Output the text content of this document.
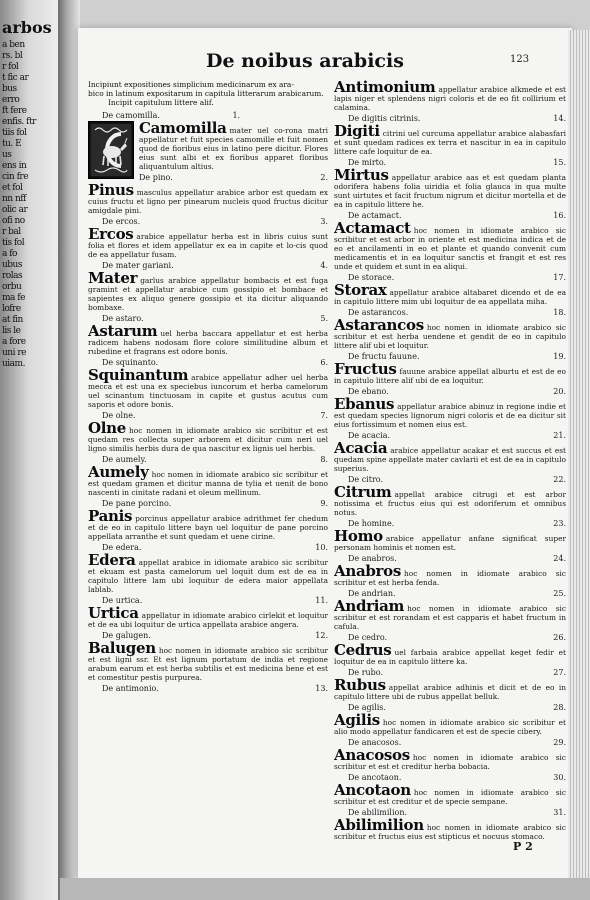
arbos
a ben
rs. bl
r fol
t fic ar
bus
erro
ft fere
enfis. ftr
tiis fol
tu. E
us
ens in
cin fre
et fol
nn nff
olic ar
ofi no
r bal
tis fol
a fo
ubus
rolas
orbu
ma fe
lofre
at fin
lis le
a fore
uni re
uiam.
De noibus arabicis	123
Incipiunt expositiones simplicium medicinarum ex ara-
bico in latinum expositarum in capitula litterarum arabicarum.
Incipit capitulum littere alif.
De camomilla.	1.

Camomilla mater uel co-rona matri appellatur et fuit species camomille et fuit nomen quod de fioribus eius in latino pere dicitur. Flores eius sunt albi et ex fioribus apparet floribus aliquantulum altius.

De pino.	2.

Pinus masculus appellatur arabice arbor est quedam ex cuius fructu et ligno per pinearum nucleis quod fructus dicitur amigdale pini.

De ercos.	3.

Ercos arabice appellatur herba est in libris cuius sunt folia et flores et idem appellatur ex ea in capite et lo-cis quod de ea appellatur fusam.

De mater gariani.	4.

Mater garlus arabice appellatur bombacis et est fuga gramint et appellatur arabice cum gossipio et bombace et sapientes ex aliquo genere gossipio et ita dicitur aliquando bombaxe.

De astaro.	5.

Astarum uel herba baccara appellatur et est herba radicem habens nodosam flore colore similitudine album et rubedine et fragrans est odore bonis.

De squinanto.	6.

Squinantum arabice appellatur adher uel herba mecca et est una ex speciebus iuncorum et herba camelorum uel scinantum tinctuosam in capite et gustus acutus cum saporis et odore bonis.

De olne.	7.

Olne hoc nomen in idiomate arabico sic scribitur et est quedam res collecta super arborem et dicitur cum neri uel ligno similis herbis dura de qua nascitur ex lignis uel herbis.

De aumely.	8.

Aumely hoc nomen in idiomate arabico sic scribitur et est quedam gramen et dicitur manna de tylia et uenit de bono nascenti in cinitate radani et oleum mellinum.

De pane porcino.	9.

Panis porcinus appellatur arabice adrithmet fer chedum et de eo in capitulo littere bayn uel loquitur de pane porcino appellata arranthe et sunt quedam et uene cirine.

De edera.	10.

Edera appellat arabice in idiomate arabico sic scribitur et ekuam est pasta camelorum uel loquit dum est de ea in capitulo littere lam ubi loquitur de edera maior appellata lablab.

De urtica.	11.

Urtica appellatur in idiomate arabico cirlekit et loquitur et de ea ubi loquitur de urtica appellata arabice angera.

De galugen.	12.

Balugen hoc nomen in idiomate arabico sic scribitur et est ligni ssr. Et est lignum portatum de india et regione arabum earum et est herba subtilis et est medicina bene et est et comestitur pestis purpurea.

De antimonio.	13.

Antimonium appellatur arabice alkmede et est lapis niger et splendens nigri coloris et de eo fit collirium et calamina.

De digitis citrinis.	14.

Digiti citrini uel curcuma appellatur arabice alabasfari et sunt quedam radices ex terra et nascitur in ea in capitulo littere cafe loquitur de ea.

De mirto.	15.

Mirtus appellatur arabice aas et est quedam planta odorifera habens folia uiridia et folia glauca in qua multe sunt uirtutes et facit fructum nigrum et dicitur mortella et de ea in capitulo littere he.

De actamact.	16.

Actamact hoc nomen in idiomate arabico sic scribitur et est arbor in oriente et est medicina indica et de eo et ancilamenti in eo et plante et quando convenit cum medicamentis et in ea loquitur sanctis et frangit et est res unde et quidem et sunt in ea aliqui.

De storace.	17.

Storax appellatur arabice altabaret dicendo et de ea in capitulo littere mim ubi loquitur de ea appellata miha.

De astarancos.	18.

Astarancos hoc nomen in idiomate arabico sic scribitur et est herba uendene et gendit de eo in capitulo littere alif ubi et loquitur.

De fructu fauune.	19.

Fructus fauune arabice appellat alburtu et est de eo in capitulo littere alif ubi de ea loquitur.

De ebano.	20.

Ebanus appellatur arabice abinuz in regione indie et est quedam species lignorum nigri coloris et de ea dicitur sit eius fortissimum et nomen eius est.

De acacia.	21.

Acacia arabice appellatur acakar et est succus et est quedam spine appellate mater cavlarii et est de ea in capitulo superius.

De citro.	22.

Citrum appellat arabice citrugi et est arbor notissima et fructus eius qui est odoriferum et omnibus notus.

De homine.	23.

Homo arabice appellatur anfane significat super personam hominis et nomen est.

De anabros.	24.

Anabros hoc nomen in idiomate arabico sic scribitur et est herba fenda.

De andrian.	25.

Andriam hoc nomen in idiomate arabico sic scribitur et est rorandam et est capparis et habet fructum in cafula.

De cedro.	26.

Cedrus uel farbaia arabice appellat keget fedir et loquitur de ea in capitulo littere ka.

De rubo.	27.

Rubus appellat arabice adhinis et dicit et de eo in capitulo littere ubi de rubus appellat belluk.

De agilis.	28.

Agilis hoc nomen in idiomate arabico sic scribitur et alio modo appellatur fandicaren et est de specie cibery.

De anacosos.	29.

Anacosos hoc nomen in idiomate arabico sic scribitur et est et creditur herba bobacia.

De ancotaon.	30.

Ancotaon hoc nomen in idiomate arabico sic scribitur et est creditur et de specie sempane.

De abilimilion.	31.

Abilimilion hoc nomen in idiomate arabico sic scribitur et fructus eius est stipticus et nocuus stomaco.

P 2
